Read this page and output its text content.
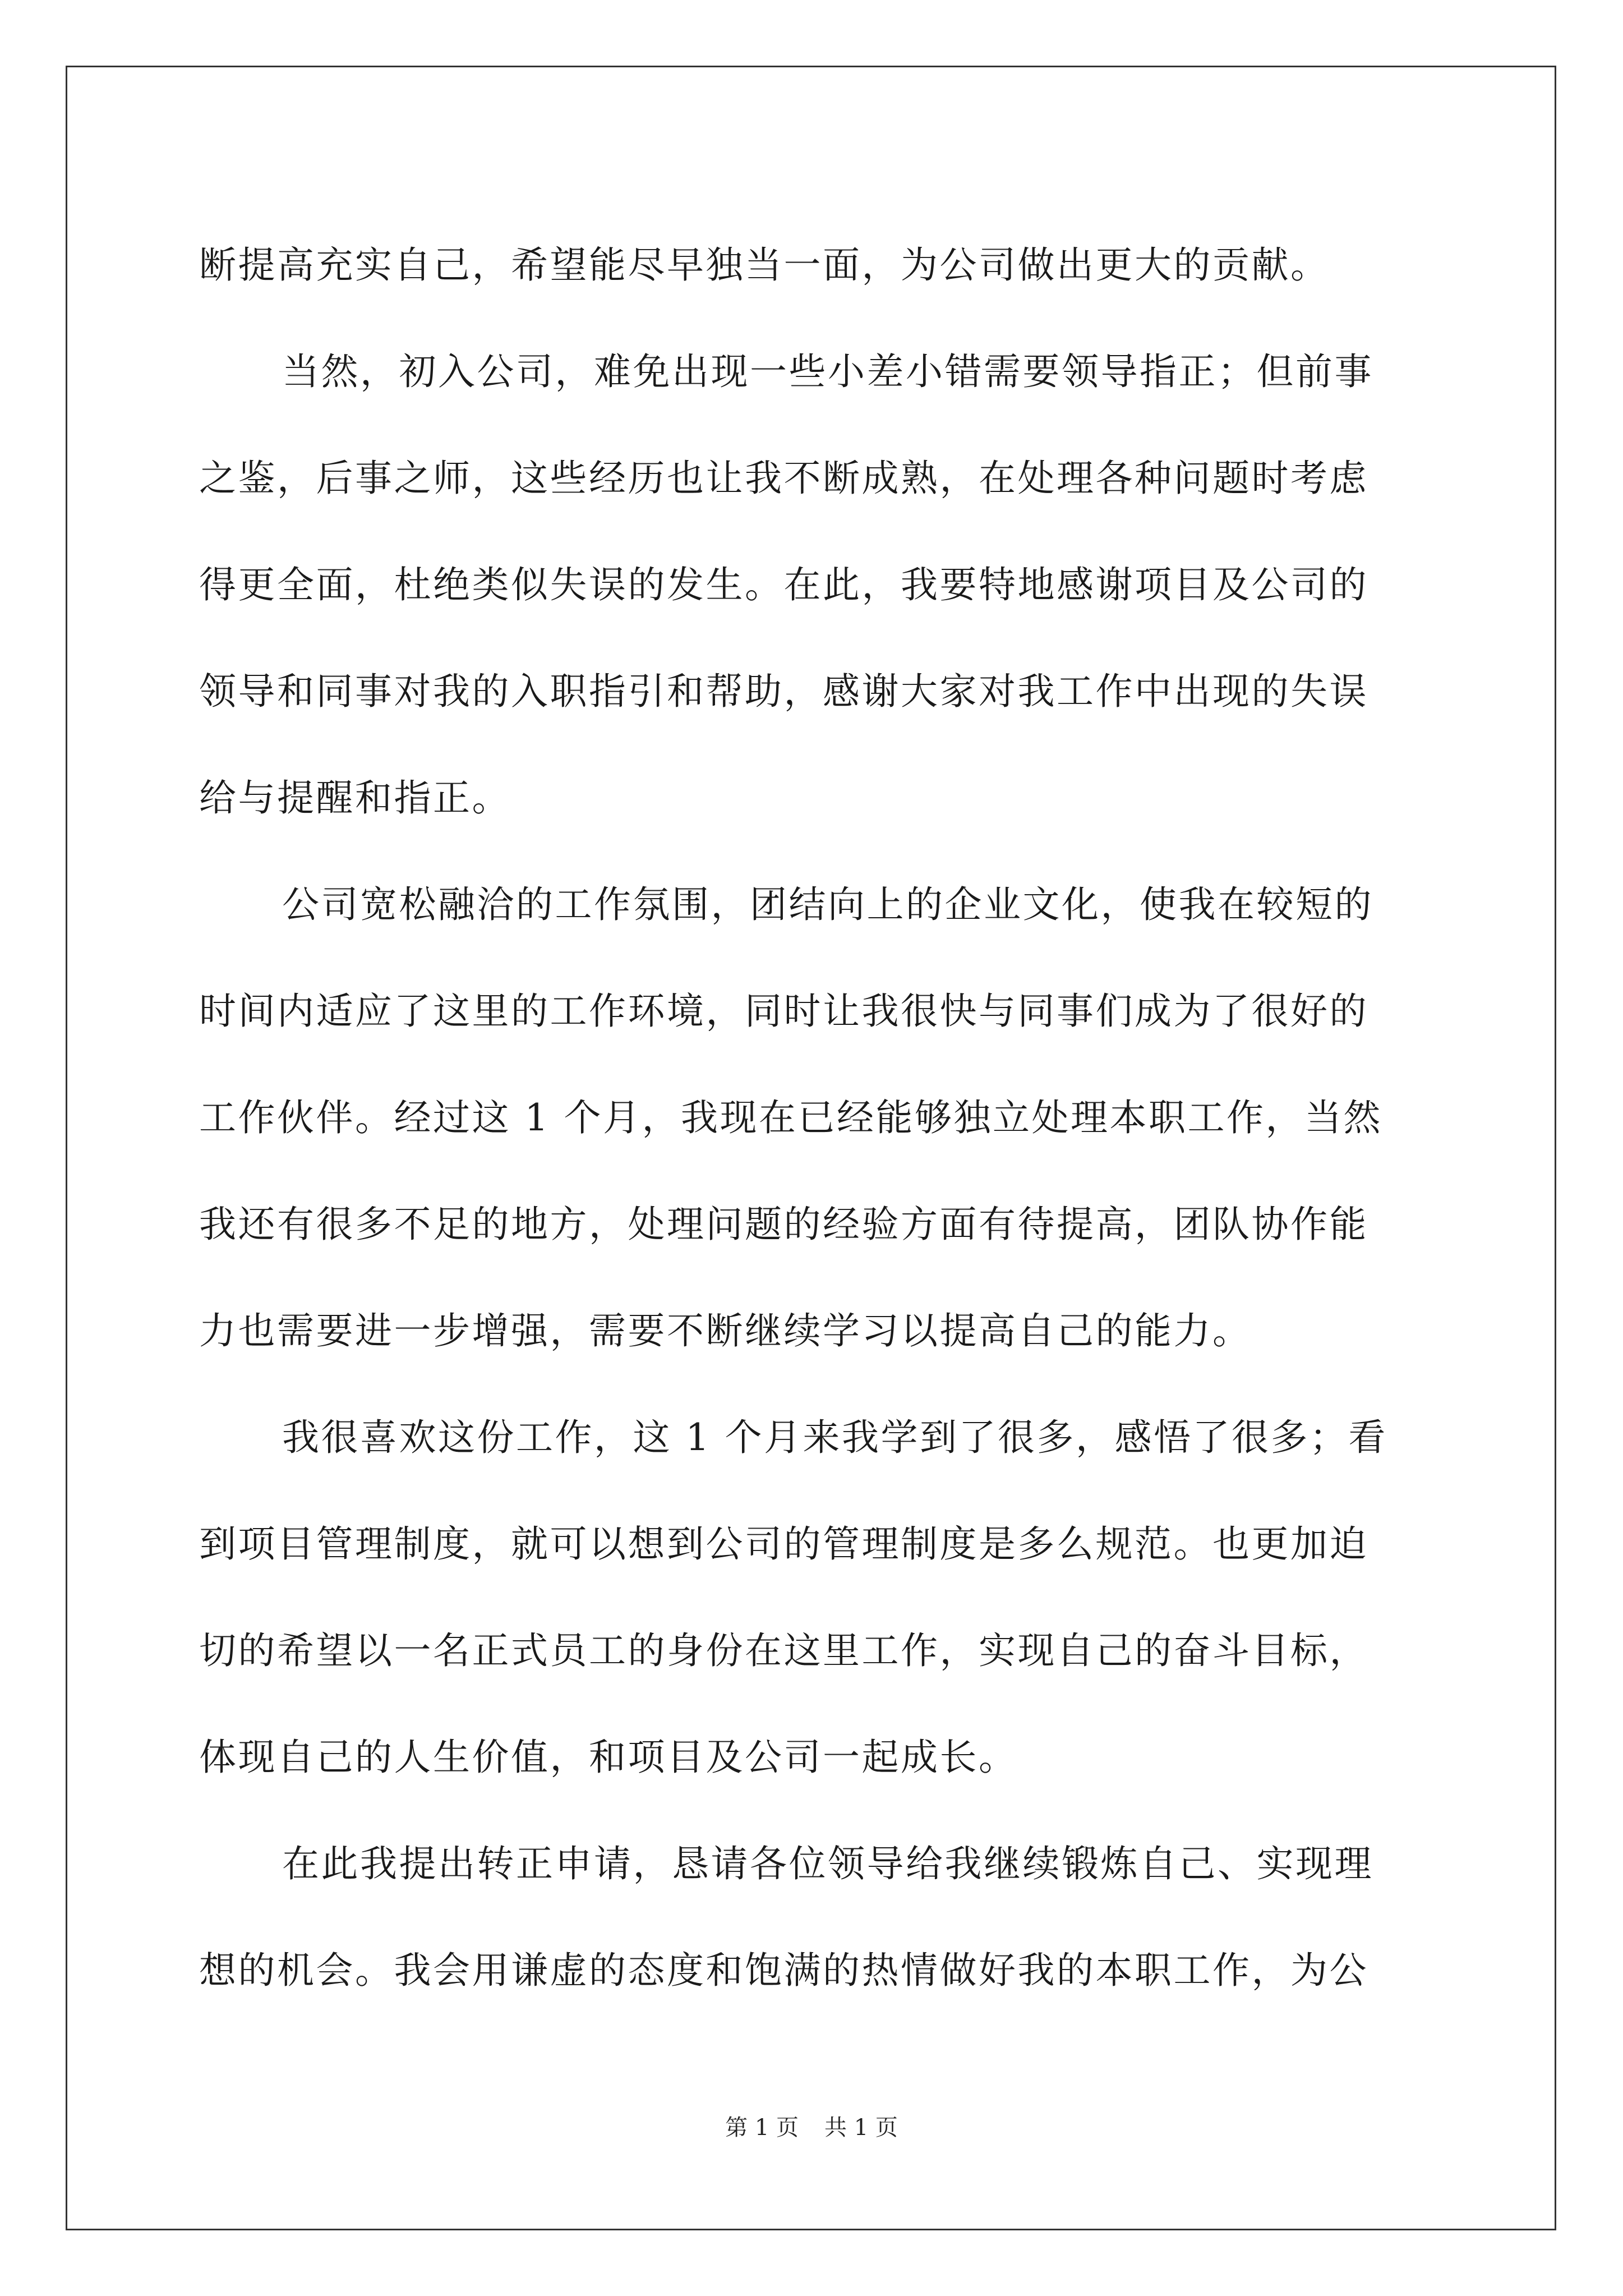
断提高充实自己，希望能尽早独当一面，为公司做出更大的贡献。
当然，初入公司，难免出现一些小差小错需要领导指正；但前事
之鉴，后事之师，这些经历也让我不断成熟，在处理各种问题时考虑
得更全面，杜绝类似失误的发生。在此，我要特地感谢项目及公司的
领导和同事对我的入职指引和帮助，感谢大家对我工作中出现的失误
给与提醒和指正。
公司宽松融洽的工作氛围，团结向上的企业文化，使我在较短的
时间内适应了这里的工作环境，同时让我很快与同事们成为了很好的
工作伙伴。经过这 1 个月，我现在已经能够独立处理本职工作，当然
我还有很多不足的地方，处理问题的经验方面有待提高，团队协作能
力也需要进一步增强，需要不断继续学习以提高自己的能力。
我很喜欢这份工作，这 1 个月来我学到了很多，感悟了很多；看
到项目管理制度，就可以想到公司的管理制度是多么规范。也更加迫
切的希望以一名正式员工的身份在这里工作，实现自己的奋斗目标，
体现自己的人生价值，和项目及公司一起成长。
在此我提出转正申请，恳请各位领导给我继续锻炼自己、实现理
想的机会。我会用谦虚的态度和饱满的热情做好我的本职工作，为公
第 1 页 共 1 页
